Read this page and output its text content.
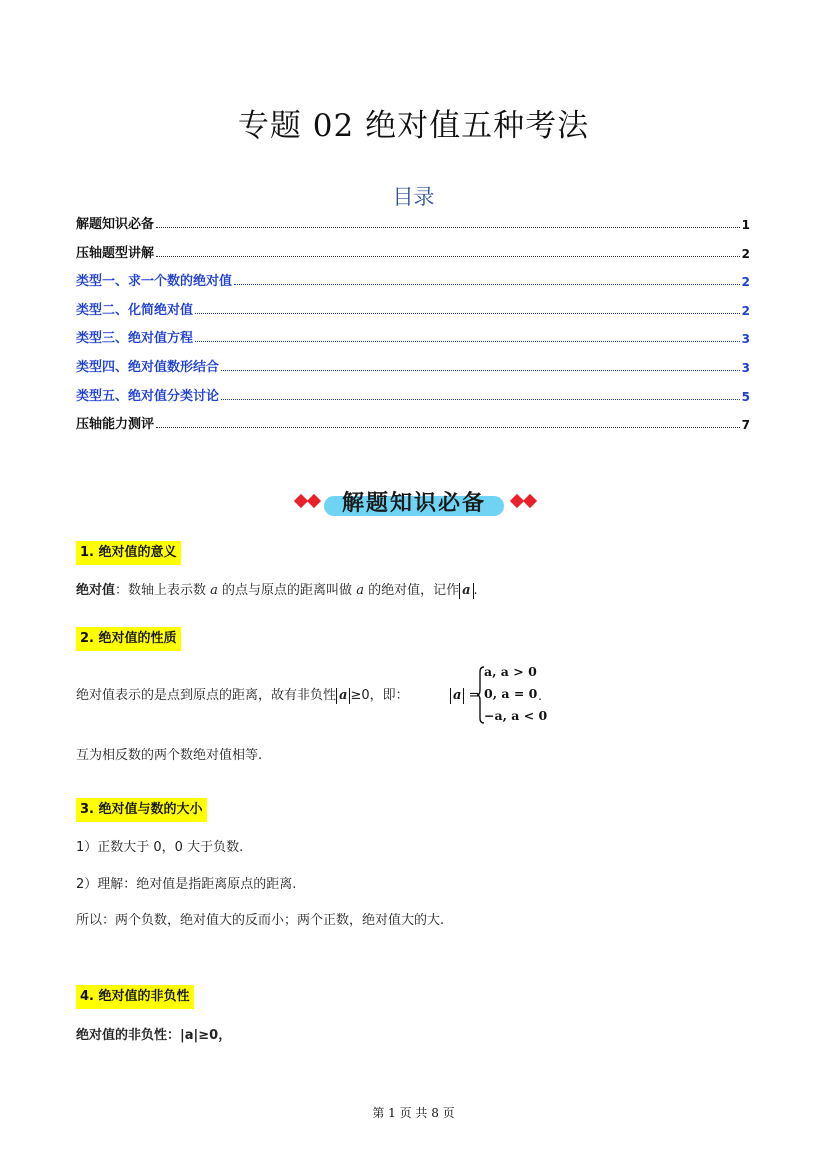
专题 02 绝对值五种考法
目录
解题知识必备	1
压轴题型讲解	2
类型一、求一个数的绝对值	2
类型二、化简绝对值	2
类型三、绝对值方程	3
类型四、绝对值数形结合	3
类型五、绝对值分类讨论	5
压轴能力测评	7
解题知识必备
1. 绝对值的意义
绝对值：数轴上表示数 a 的点与原点的距离叫做 a 的绝对值，记作 a .
2. 绝对值的性质
绝对值表示的是点到原点的距离，故有非负性 a ≥0，即：	a =
a, a > 0
0, a = 0
−a, a < 0
.
互为相反数的两个数绝对值相等.
3. 绝对值与数的大小
1）正数大于 0，0 大于负数.
2）理解：绝对值是指距离原点的距离.
所以：两个负数，绝对值大的反而小；两个正数，绝对值大的大.
4. 绝对值的非负性
绝对值的非负性：|a|≥0，
第 1 页 共 8 页
